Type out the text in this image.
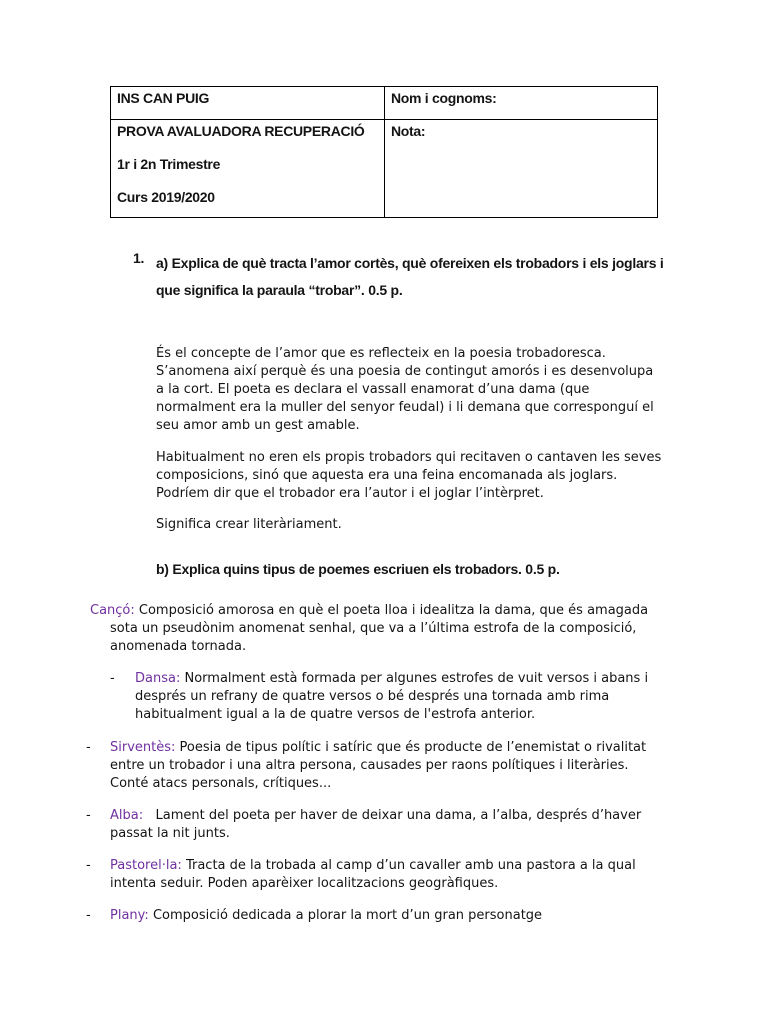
INS CAN PUIG	Nom i cognoms:

PROVA AVALUADORA RECUPERACIÓ

1r i 2n Trimestre

Curs 2019/2020	Nota:

1. a) Explica de què tracta l’amor cortès, què ofereixen els trobadors i els joglars i que significa la paraula “trobar”. 0.5 p.
És el concepte de l’amor que es reflecteix en la poesia trobadoresca. S’anomena així perquè és una poesia de contingut amorós i es desenvolupa a la cort. El poeta es declara el vassall enamorat d’una dama (que normalment era la muller del senyor feudal) i li demana que corresponguí el seu amor amb un gest amable.
Habitualment no eren els propis trobadors qui recitaven o cantaven les seves composicions, sinó que aquesta era una feina encomanada als joglars. Podríem dir que el trobador era l’autor i el joglar l’intèrpret.
Significa crear literàriament.
b) Explica quins tipus de poemes escriuen els trobadors. 0.5 p.
Cançó: Composició amorosa en què el poeta lloa i idealitza la dama, que és amagada sota un pseudònim anomenat senhal, que va a l’última estrofa de la composició, anomenada tornada.
-	Dansa: Normalment està formada per algunes estrofes de vuit versos i abans i després un refrany de quatre versos o bé després una tornada amb rima habitualment igual a la de quatre versos de l'estrofa anterior.
-	Sirventès: Poesia de tipus polític i satíric que és producte de l’enemistat o rivalitat entre un trobador i una altra persona, causades per raons polítiques i literàries. Conté atacs personals, crítiques...
-	Alba: Lament del poeta per haver de deixar una dama, a l’alba, després d’haver passat la nit junts.
-	Pastorel·la: Tracta de la trobada al camp d’un cavaller amb una pastora a la qual intenta seduir. Poden aparèixer localitzacions geogràfiques.
-	Plany: Composició dedicada a plorar la mort d’un gran personatge
